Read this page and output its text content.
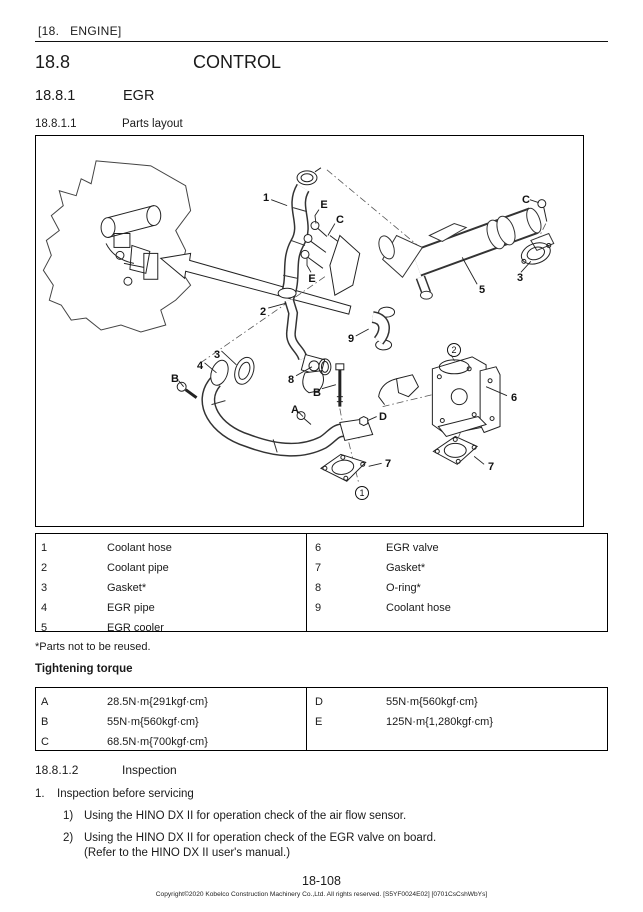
[18.   ENGINE]
18.8	CONTROL
18.8.1	EGR
18.8.1.1	Parts layout
1
E
C
E
C
3
5
2
9
3
4
B	8
B
A
D
6
7	7
2
1
1	Coolant hose
2	Coolant pipe
3	Gasket*
4	EGR pipe
5	EGR cooler
6	EGR valve
7	Gasket*
8	O-ring*
9	Coolant hose
*Parts not to be reused.
Tightening torque
A	28.5N·m{291kgf·cm}
B	55N·m{560kgf·cm}
C	68.5N·m{700kgf·cm}
D	55N·m{560kgf·cm}
E	125N·m{1,280kgf·cm}
18.8.1.2	Inspection
1.	Inspection before servicing
1) Using the HINO DX II for operation check of the air flow sensor.
2) Using the HINO DX II for operation check of the EGR valve on board.
(Refer to the HINO DX II user's manual.)
18-108
Copyright©2020 Kobelco Construction Machinery Co.,Ltd. All rights reserved. [S5YF0024E02] [0701CsCshWbYs]
